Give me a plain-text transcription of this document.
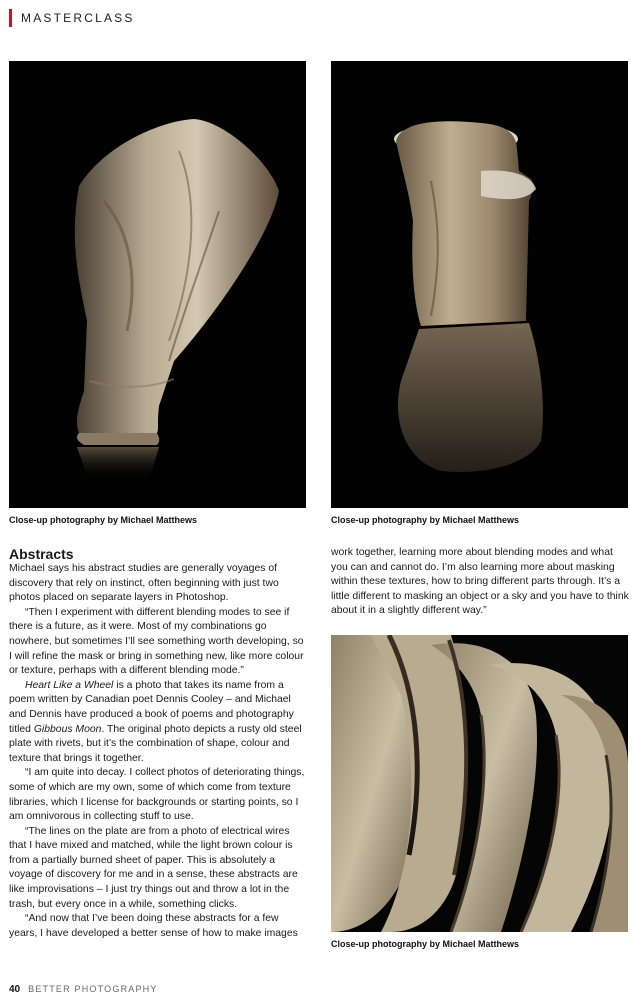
MASTERCLASS
Close-up photography by Michael Matthews	Close-up photography by Michael Matthews
Abstracts

Michael says his abstract studies are generally voyages of discovery that rely on instinct, often beginning with just two photos placed on separate layers in Photoshop.

“Then I experiment with different blending modes to see if there is a future, as it were. Most of my combinations go nowhere, but sometimes I’ll see something worth developing, so I will refine the mask or bring in something new, like more colour or texture, perhaps with a different blending mode.”

Heart Like a Wheel is a photo that takes its name from a poem written by Canadian poet Dennis Cooley – and Michael and Dennis have produced a book of poems and photography titled Gibbous Moon. The original photo depicts a rusty old steel plate with rivets, but it’s the combination of shape, colour and texture that brings it together.

“I am quite into decay. I collect photos of deteriorating things, some of which are my own, some of which come from texture libraries, which I license for backgrounds or starting points, so I am omnivorous in collecting stuff to use.

“The lines on the plate are from a photo of electrical wires that I have mixed and matched, while the light brown colour is from a partially burned sheet of paper. This is absolutely a voyage of discovery for me and in a sense, these abstracts are like improvisations – I just try things out and throw a lot in the trash, but every once in a while, something clicks.

“And now that I’ve been doing these abstracts for a few years, I have developed a better sense of how to make images

work together, learning more about blending modes and what you can and cannot do. I’m also learning more about masking within these textures, how to bring different parts through. It’s a little different to masking an object or a sky and you have to think about it in a slightly different way.”

Close-up photography by Michael Matthews
40 BETTER PHOTOGRAPHY
